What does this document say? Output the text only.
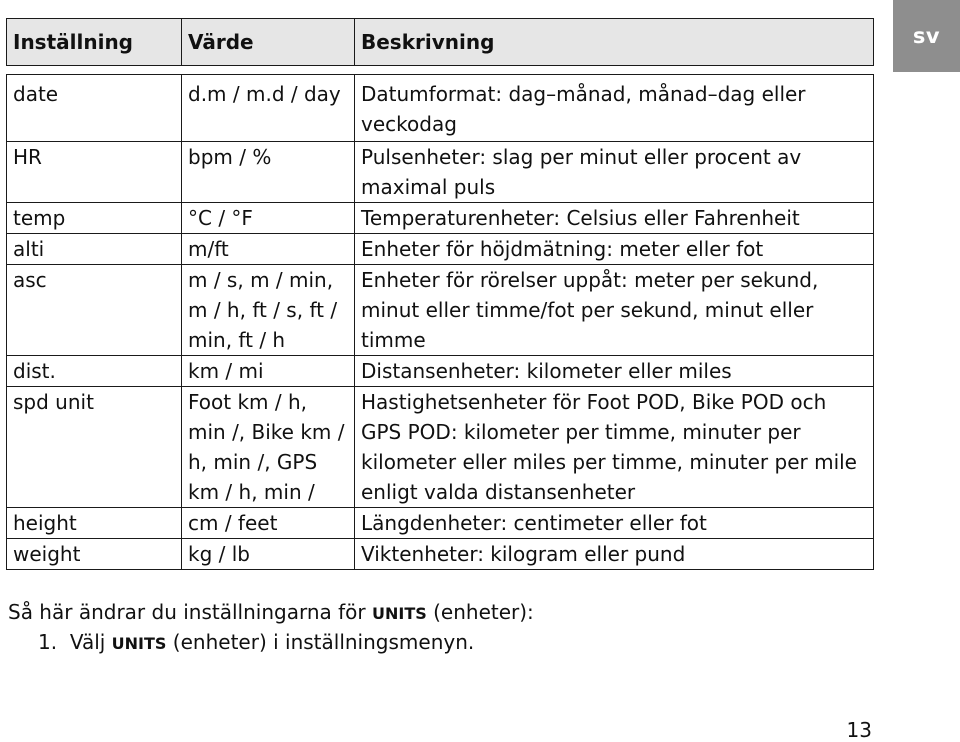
sv
Inställning	Värde	Beskrivning

date	d.m / m.d / day	Datumformat: dag–månad, månad–dag eller veckodag
HR	bpm / %	Pulsenheter: slag per minut eller procent av maximal puls
temp	°C / °F	Temperaturenheter: Celsius eller Fahrenheit
alti	m/ft	Enheter för höjdmätning: meter eller fot
asc	m / s, m / min, m / h, ft / s, ft / min, ft / h	Enheter för rörelser uppåt: meter per sekund, minut eller timme/fot per sekund, minut eller timme
dist.	km / mi	Distansenheter: kilometer eller miles
spd unit	Foot km / h, min /, Bike km / h, min /, GPS km / h, min /	Hastighetsenheter för Foot POD, Bike POD och GPS POD: kilometer per timme, minuter per kilometer eller miles per timme, minuter per mile enligt valda distansenheter
height	cm / feet	Längdenheter: centimeter eller fot
weight	kg / lb	Viktenheter: kilogram eller pund
Så här ändrar du inställningarna för UNITS (enheter):
1. Välj UNITS (enheter) i inställningsmenyn.
13
